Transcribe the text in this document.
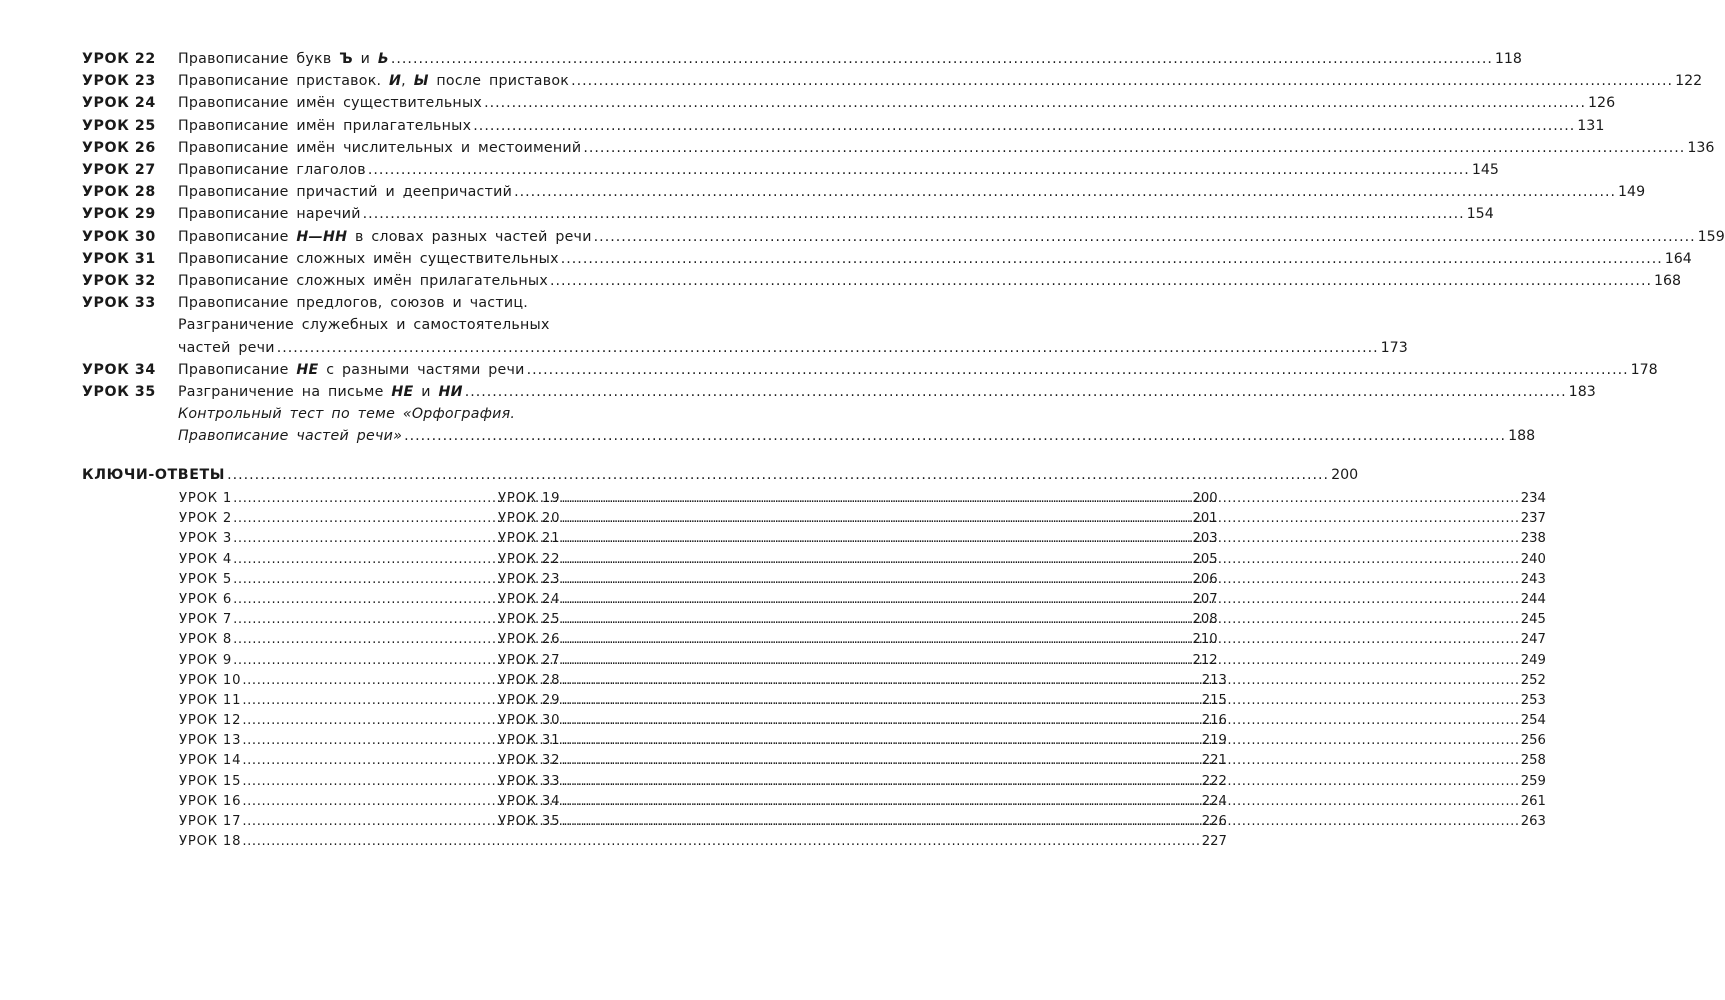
УРОК 22	Правописание букв Ъ и Ь .....	118
УРОК 23	Правописание приставок. И, Ы после приставок .....	122
УРОК 24	Правописание имён существительных .....	126
УРОК 25	Правописание имён прилагательных .....	131
УРОК 26	Правописание имён числительных и местоимений .....	136
УРОК 27	Правописание глаголов .....	145
УРОК 28	Правописание причастий и деепричастий .....	149
УРОК 29	Правописание наречий .....	154
УРОК 30	Правописание Н—НН в словах разных частей речи .....	159
УРОК 31	Правописание сложных имён существительных .....	164
УРОК 32	Правописание сложных имён прилагательных .....	168
УРОК 33	Правописание предлогов, союзов и частиц.
Разграничение служебных и самостоятельных
частей речи .....	173
УРОК 34	Правописание НЕ с разными частями речи .....	178
УРОК 35	Разграничение на письме НЕ и НИ .....	183
Контрольный тест по теме «Орфография.
Правописание частей речи» .....	188
КЛЮЧИ-ОТВЕТЫ .....	200
УРОК 1 .....	200
УРОК 2 .....	201
УРОК 3 .....	203
УРОК 4 .....	205
УРОК 5 .....	206
УРОК 6 .....	207
УРОК 7 .....	208
УРОК 8 .....	210
УРОК 9 .....	212
УРОК 10 .....	213
УРОК 11 .....	215
УРОК 12 .....	216
УРОК 13 .....	219
УРОК 14 .....	221
УРОК 15 .....	222
УРОК 16 .....	224
УРОК 17 .....	226
УРОК 18 .....	227
УРОК 19 .....	234
УРОК 20 .....	237
УРОК 21 .....	238
УРОК 22 .....	240
УРОК 23 .....	243
УРОК 24 .....	244
УРОК 25 .....	245
УРОК 26 .....	247
УРОК 27 .....	249
УРОК 28 .....	252
УРОК 29 .....	253
УРОК 30 .....	254
УРОК 31 .....	256
УРОК 32 .....	258
УРОК 33 .....	259
УРОК 34 .....	261
УРОК 35 .....	263
